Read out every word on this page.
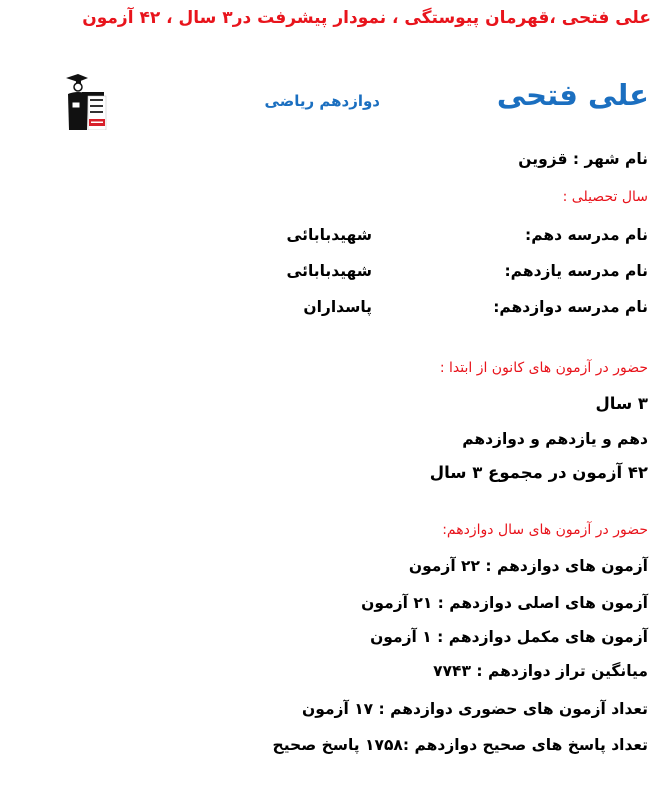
علی فتحی ،قهرمان پیوستگی ، نمودار پیشرفت در۳ سال ، ۴۲ آزمون
علی فتحی
دوازدهم ریاضی
نام شهر : قزوین
سال تحصیلی :
نام مدرسه دهم:
شهیدبابائی
نام مدرسه یازدهم:
شهیدبابائی
نام مدرسه دوازدهم:
پاسداران
حضور در آزمون های کانون از ابتدا :
۳ سال
دهم و یازدهم و دوازدهم
۴۲ آزمون در مجموع ۳ سال
حضور در آزمون های سال دوازدهم:
آزمون های دوازدهم : ۲۲ آزمون
آزمون های اصلی دوازدهم : ۲۱ آزمون
آزمون های مکمل دوازدهم : ۱ آزمون
میانگین تراز دوازدهم : ۷۷۴۳
تعداد آزمون های حضوری دوازدهم : ۱۷ آزمون
تعداد پاسخ های صحیح دوازدهم :۱۷۵۸ پاسخ صحیح
